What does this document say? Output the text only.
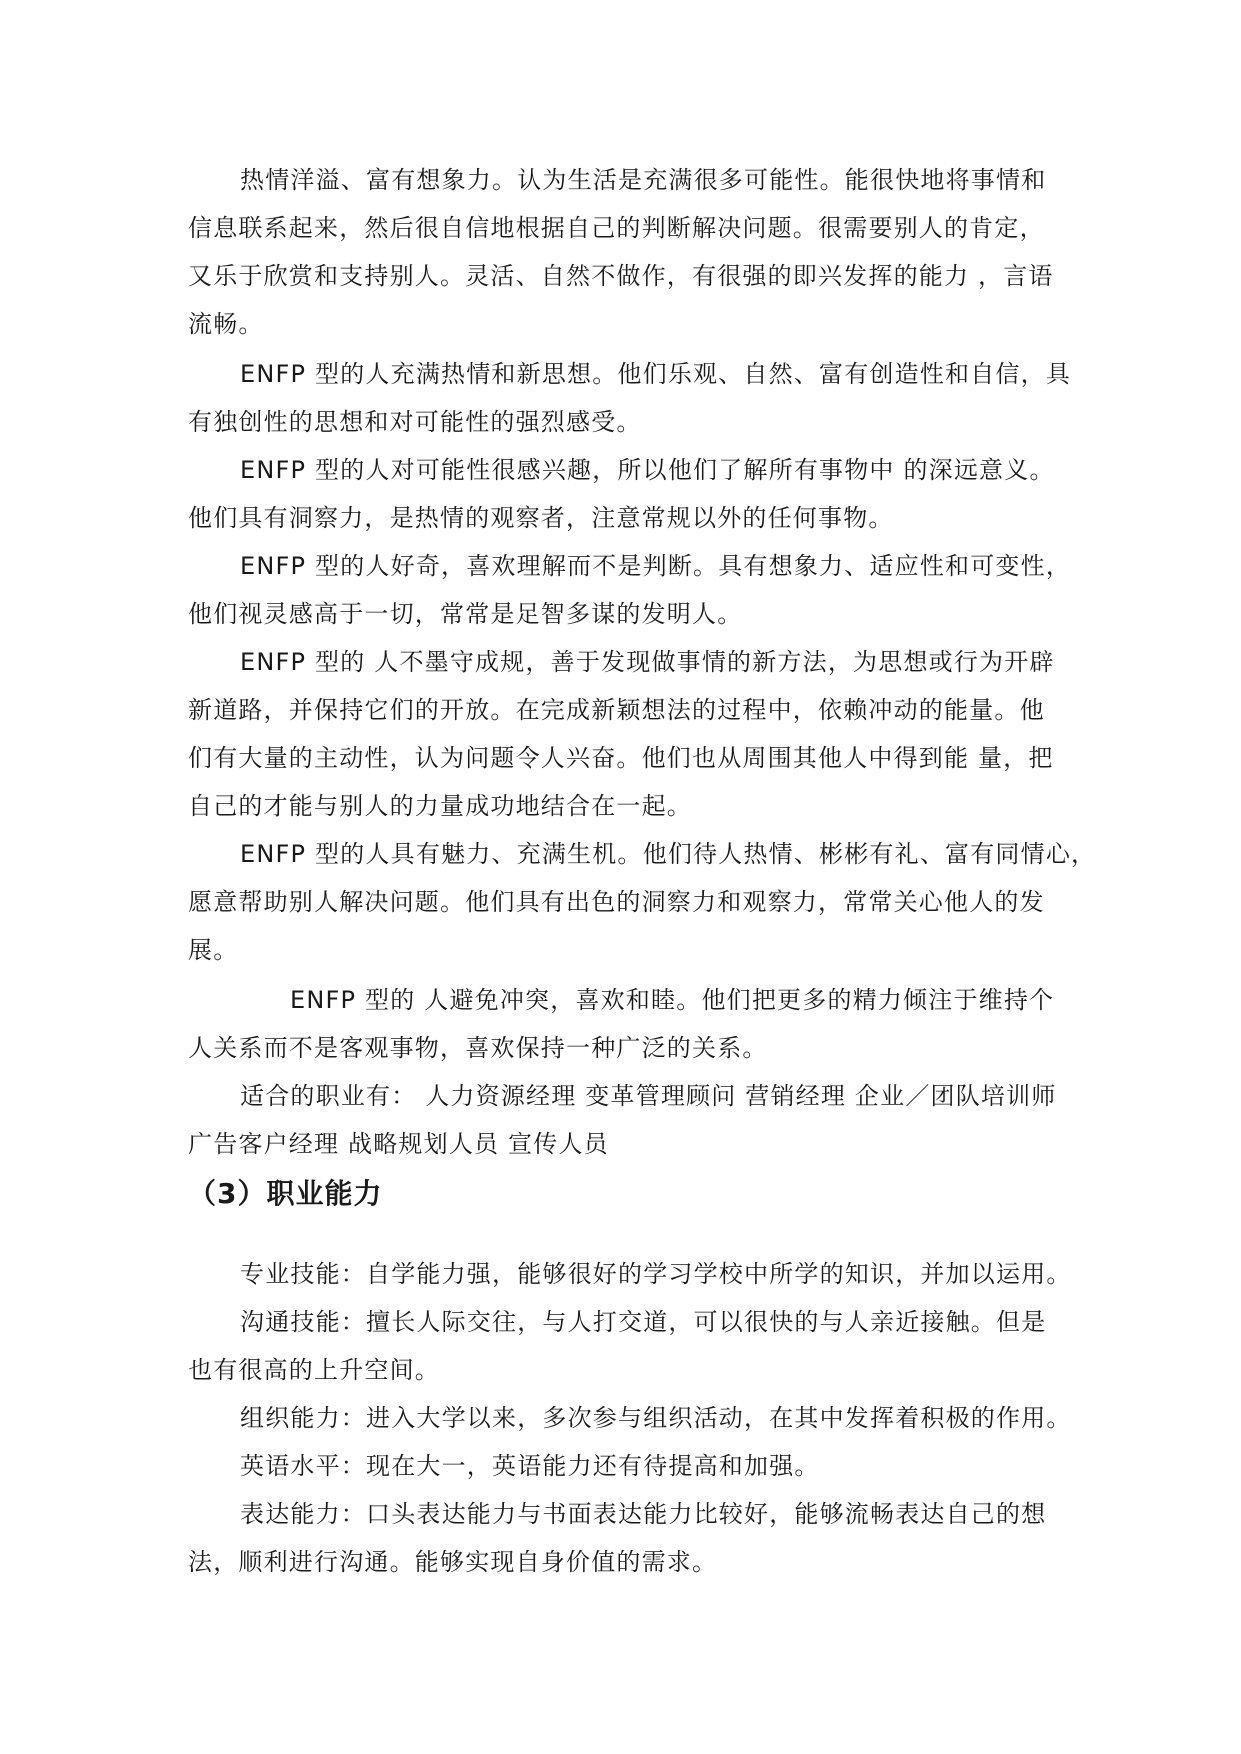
热情洋溢、富有想象力。认为生活是充满很多可能性。能很快地将事情和
信息联系起来，然后很自信地根据自己的判断解决问题。很需要别人的肯定，
又乐于欣赏和支持别人。灵活、自然不做作，有很强的即兴发挥的能力 ，言语
流畅。
ENFP 型的人充满热情和新思想。他们乐观、自然、富有创造性和自信，具
有独创性的思想和对可能性的强烈感受。
ENFP 型的人对可能性很感兴趣，所以他们了解所有事物中 的深远意义。
他们具有洞察力，是热情的观察者，注意常规以外的任何事物。
ENFP 型的人好奇，喜欢理解而不是判断。具有想象力、适应性和可变性，
他们视灵感高于一切，常常是足智多谋的发明人。
ENFP 型的 人不墨守成规，善于发现做事情的新方法，为思想或行为开辟
新道路，并保持它们的开放。在完成新颖想法的过程中，依赖冲动的能量。他
们有大量的主动性，认为问题令人兴奋。他们也从周围其他人中得到能 量，把
自己的才能与别人的力量成功地结合在一起。
ENFP 型的人具有魅力、充满生机。他们待人热情、彬彬有礼、富有同情心，
愿意帮助别人解决问题。他们具有出色的洞察力和观察力，常常关心他人的发
展。
ENFP 型的 人避免冲突，喜欢和睦。他们把更多的精力倾注于维持个
人关系而不是客观事物，喜欢保持一种广泛的关系。
适合的职业有： 人力资源经理 变革管理顾问 营销经理 企业／团队培训师
广告客户经理 战略规划人员 宣传人员
（3）职业能力
专业技能：自学能力强，能够很好的学习学校中所学的知识，并加以运用。
沟通技能：擅长人际交往，与人打交道，可以很快的与人亲近接触。但是
也有很高的上升空间。
组织能力：进入大学以来，多次参与组织活动，在其中发挥着积极的作用。
英语水平：现在大一，英语能力还有待提高和加强。
表达能力：口头表达能力与书面表达能力比较好，能够流畅表达自己的想
法，顺利进行沟通。能够实现自身价值的需求。
